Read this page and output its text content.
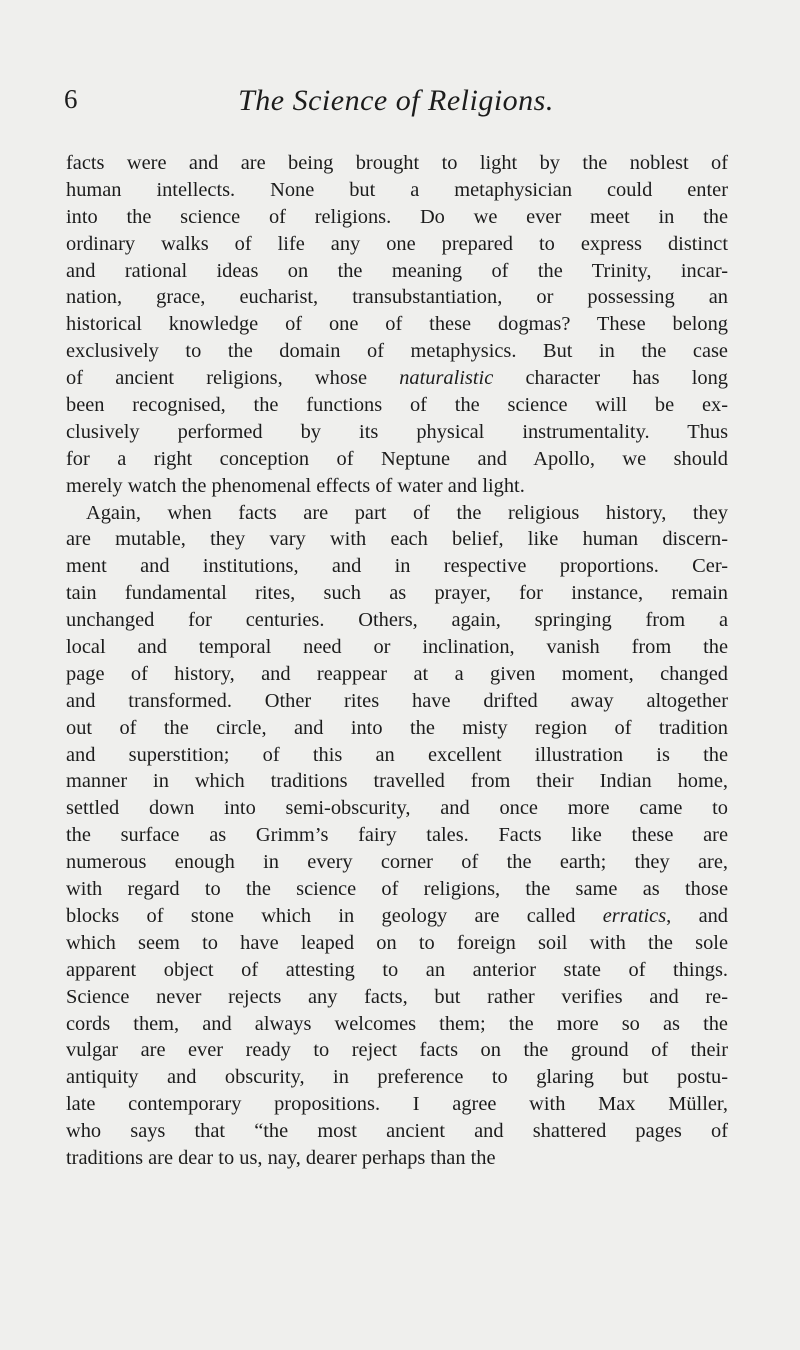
6	The Science of Religions.
facts were and are being brought to light by the noblest of
human intellects. None but a metaphysician could enter
into the science of religions. Do we ever meet in the
ordinary walks of life any one prepared to express distinct
and rational ideas on the meaning of the Trinity, incar-
nation, grace, eucharist, transubstantiation, or possessing an
historical knowledge of one of these dogmas? These belong
exclusively to the domain of metaphysics. But in the case
of ancient religions, whose naturalistic character has long
been recognised, the functions of the science will be ex-
clusively performed by its physical instrumentality. Thus
for a right conception of Neptune and Apollo, we should
merely watch the phenomenal effects of water and light.
Again, when facts are part of the religious history, they
are mutable, they vary with each belief, like human discern-
ment and institutions, and in respective proportions. Cer-
tain fundamental rites, such as prayer, for instance, remain
unchanged for centuries. Others, again, springing from a
local and temporal need or inclination, vanish from the
page of history, and reappear at a given moment, changed
and transformed. Other rites have drifted away altogether
out of the circle, and into the misty region of tradition
and superstition; of this an excellent illustration is the
manner in which traditions travelled from their Indian home,
settled down into semi-obscurity, and once more came to
the surface as Grimm’s fairy tales. Facts like these are
numerous enough in every corner of the earth; they are,
with regard to the science of religions, the same as those
blocks of stone which in geology are called erratics, and
which seem to have leaped on to foreign soil with the sole
apparent object of attesting to an anterior state of things.
Science never rejects any facts, but rather verifies and re-
cords them, and always welcomes them; the more so as the
vulgar are ever ready to reject facts on the ground of their
antiquity and obscurity, in preference to glaring but postu-
late contemporary propositions. I agree with Max Müller,
who says that “the most ancient and shattered pages of
traditions are dear to us, nay, dearer perhaps than the
